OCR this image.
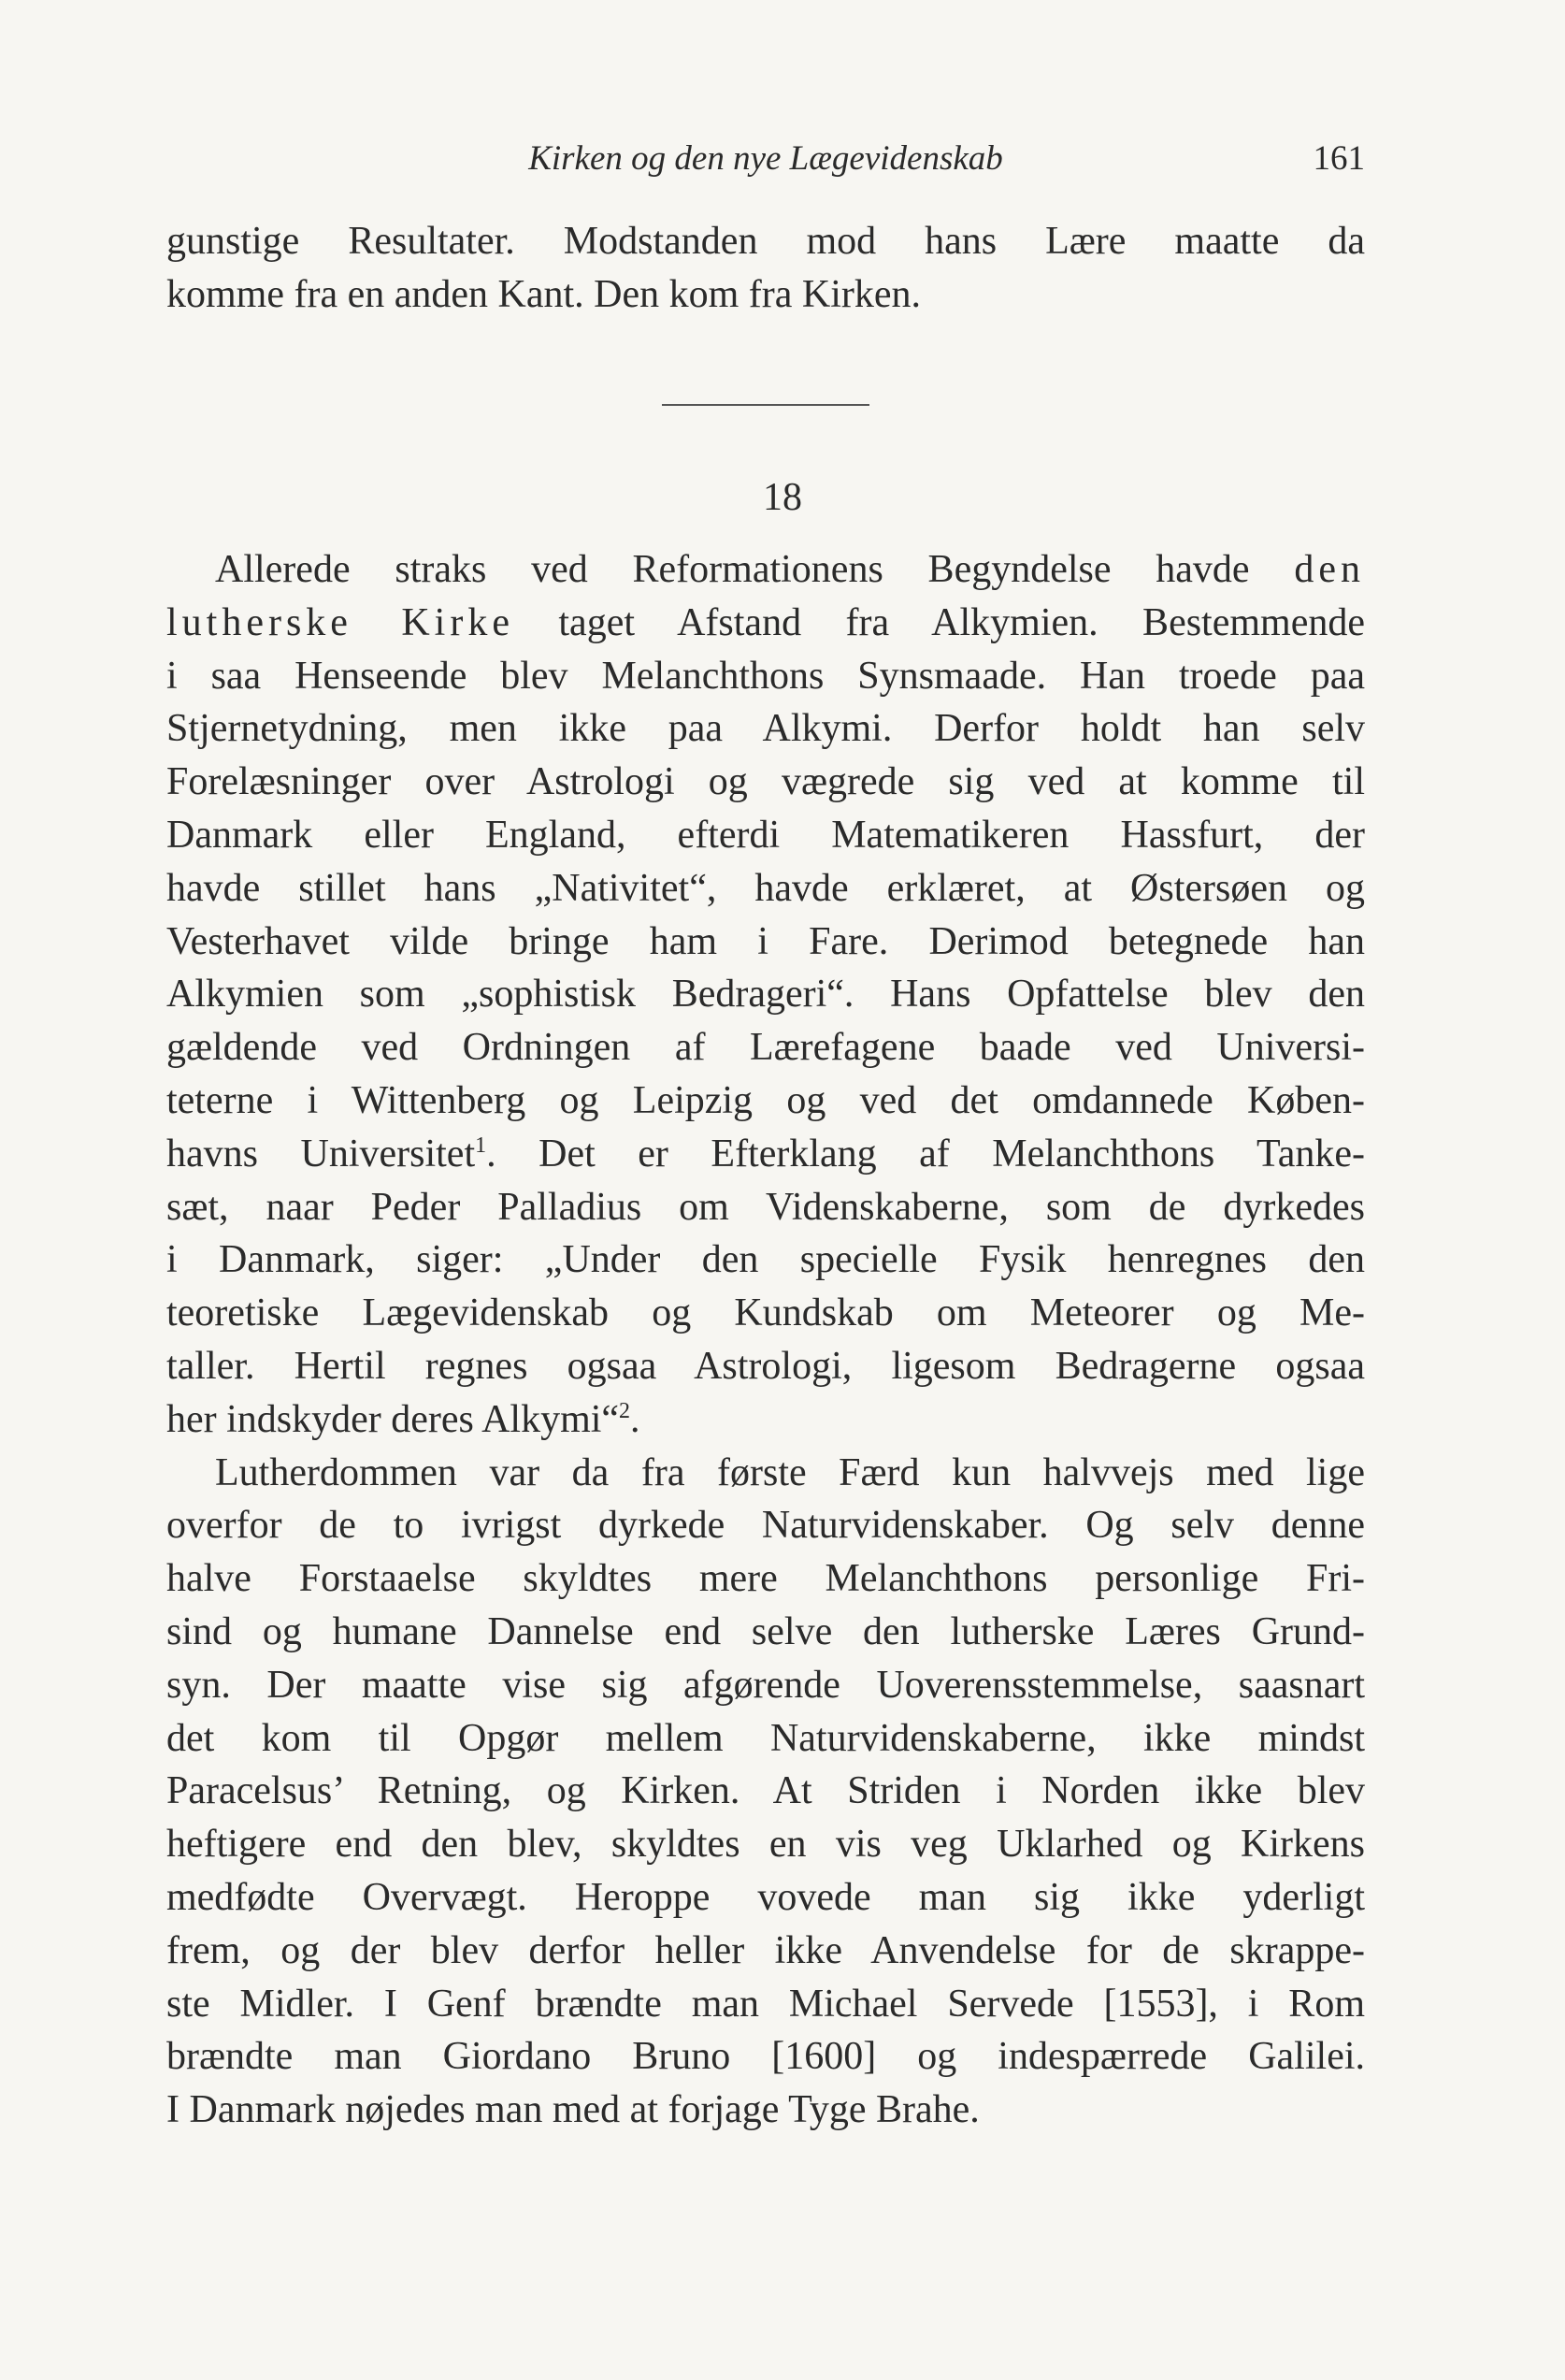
Kirken og den nye Lægevidenskab	161
gunstige Resultater. Modstanden mod hans Lære maatte da
komme fra en anden Kant. Den kom fra Kirken.
18
Allerede straks ved Reformationens Begyndelse havde den
lutherske Kirke taget Afstand fra Alkymien. Bestemmende
i saa Henseende blev Melanchthons Synsmaade. Han troede paa
Stjernetydning, men ikke paa Alkymi. Derfor holdt han selv
Forelæsninger over Astrologi og vægrede sig ved at komme til
Danmark eller England, efterdi Matematikeren Hassfurt, der
havde stillet hans „Nativitet“, havde erklæret, at Østersøen og
Vesterhavet vilde bringe ham i Fare. Derimod betegnede han
Alkymien som „sophistisk Bedrageri“. Hans Opfattelse blev den
gældende ved Ordningen af Lærefagene baade ved Universi-
teterne i Wittenberg og Leipzig og ved det omdannede Køben-
havns Universitet$^1$. Det er Efterklang af Melanchthons Tanke-
sæt, naar Peder Palladius om Videnskaberne, som de dyrkedes
i Danmark, siger: „Under den specielle Fysik henregnes den
teoretiske Lægevidenskab og Kundskab om Meteorer og Me-
taller. Hertil regnes ogsaa Astrologi, ligesom Bedragerne ogsaa
her indskyder deres Alkymi“$^2$.
Lutherdommen var da fra første Færd kun halvvejs med lige
overfor de to ivrigst dyrkede Naturvidenskaber. Og selv denne
halve Forstaaelse skyldtes mere Melanchthons personlige Fri-
sind og humane Dannelse end selve den lutherske Læres Grund-
syn. Der maatte vise sig afgørende Uoverensstemmelse, saasnart
det kom til Opgør mellem Naturvidenskaberne, ikke mindst
Paracelsus’ Retning, og Kirken. At Striden i Norden ikke blev
heftigere end den blev, skyldtes en vis veg Uklarhed og Kirkens
medfødte Overvægt. Heroppe vovede man sig ikke yderligt
frem, og der blev derfor heller ikke Anvendelse for de skrappe-
ste Midler. I Genf brændte man Michael Servede [1553], i Rom
brændte man Giordano Bruno [1600] og indespærrede Galilei.
I Danmark nøjedes man med at forjage Tyge Brahe.
